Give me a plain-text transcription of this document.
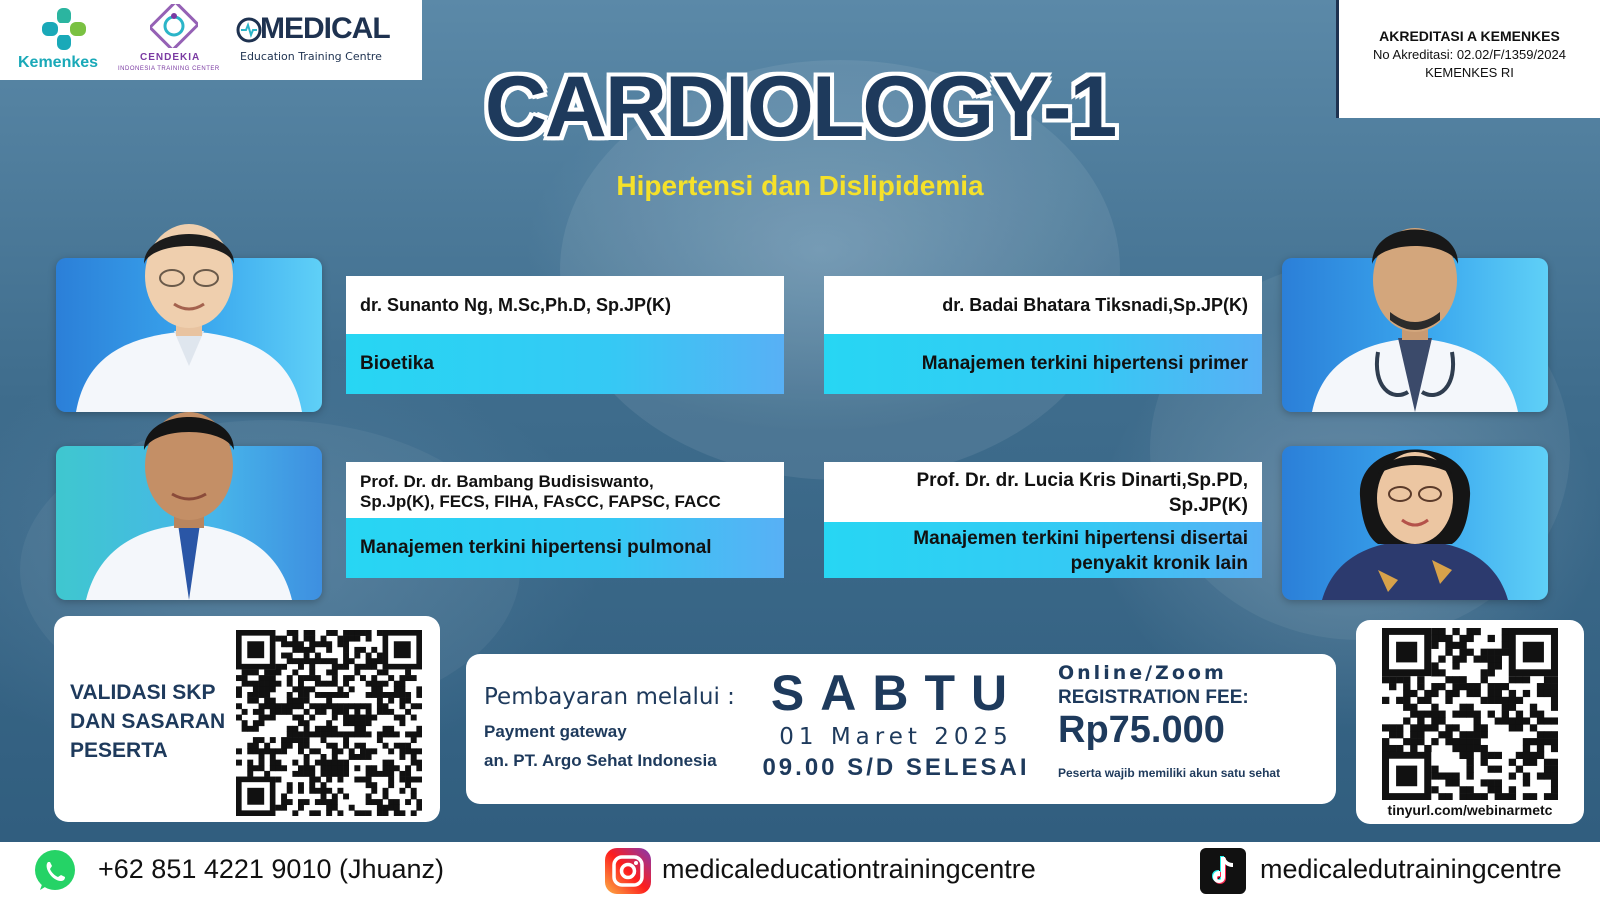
Kemenkes	CENDEKIA
INDONESIA TRAINING CENTER
MEDICAL
Education Training Centre
AKREDITASI A KEMENKES
No Akreditasi: 02.02/F/1359/2024
KEMENKES RI
CARDIOLOGY-1
Hipertensi dan Dislipidemia
dr. Sunanto Ng, M.Sc,Ph.D, Sp.JP(K)
Bioetika
dr. Badai Bhatara Tiksnadi,Sp.JP(K)
Manajemen terkini hipertensi primer
Prof. Dr. dr. Bambang Budisiswanto,
Sp.Jp(K), FECS, FIHA, FAsCC, FAPSC, FACC
Manajemen terkini hipertensi pulmonal
Prof. Dr. dr. Lucia Kris Dinarti,Sp.PD,
Sp.JP(K)
Manajemen terkini hipertensi disertai
penyakit kronik lain
VALIDASI SKP
DAN SASARAN
PESERTA
Pembayaran melalui :
Payment gateway
an. PT. Argo Sehat Indonesia
SABTU
01 Maret 2025
09.00 S/D SELESAI
Online/Zoom
REGISTRATION FEE:
Rp75.000
Peserta wajib memiliki akun satu sehat
tinyurl.com/webinarmetc
+62 851 4221 9010 (Jhuanz)	medicaleducationtrainingcentre	medicaledutrainingcentre
